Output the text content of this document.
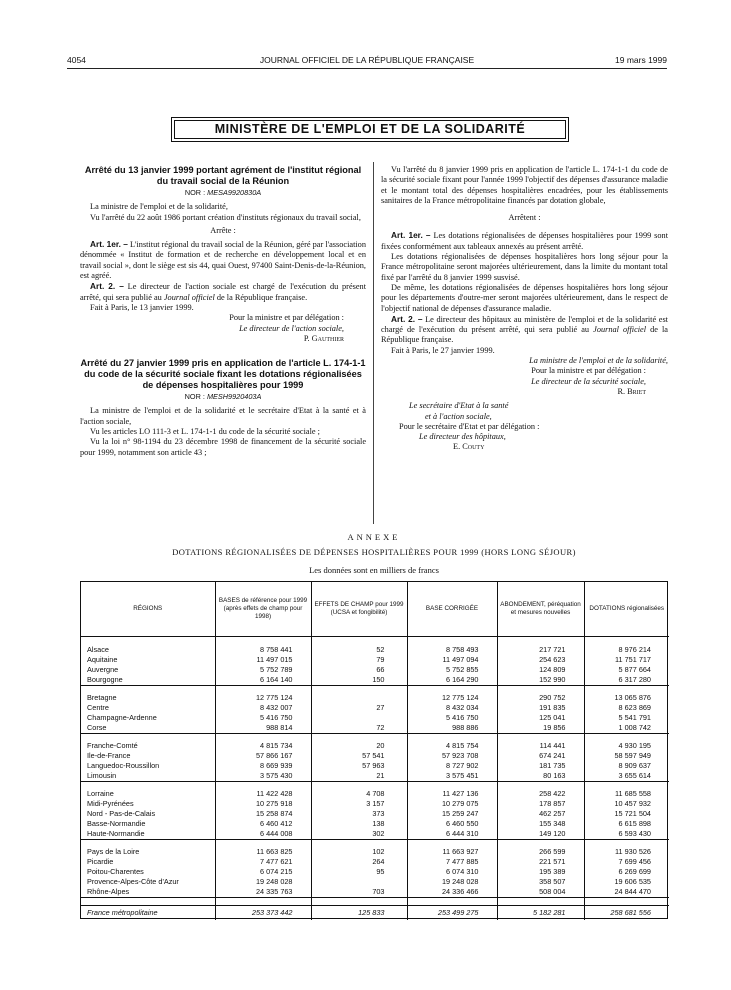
4054	JOURNAL OFFICIEL DE LA RÉPUBLIQUE FRANÇAISE	19 mars 1999
MINISTÈRE DE L'EMPLOI ET DE LA SOLIDARITÉ
Arrêté du 13 janvier 1999 portant agrément de l'institut régional du travail social de la Réunion
NOR : MESA9920830A
La ministre de l'emploi et de la solidarité,
Vu l'arrêté du 22 août 1986 portant création d'instituts régionaux du travail social,
Arrête :
Art. 1er. – L'institut régional du travail social de la Réunion, géré par l'association dénommée « Institut de formation et de recherche en développement local et en travail social », dont le siège est sis 44, quai Ouest, 97400 Saint-Denis-de-la-Réunion, est agréé.
Art. 2. – Le directeur de l'action sociale est chargé de l'exécution du présent arrêté, qui sera publié au Journal officiel de la République française.
Fait à Paris, le 13 janvier 1999.
Pour la ministre et par délégation :
Le directeur de l'action sociale,
P. Gauthier
Arrêté du 27 janvier 1999 pris en application de l'article L. 174-1-1 du code de la sécurité sociale fixant les dotations régionalisées de dépenses hospitalières pour 1999
NOR : MESH9920403A
La ministre de l'emploi et de la solidarité et le secrétaire d'Etat à la santé et à l'action sociale,
Vu les articles LO 111-3 et L. 174-1-1 du code de la sécurité sociale ;
Vu la loi n° 98-1194 du 23 décembre 1998 de financement de la sécurité sociale pour 1999, notamment son article 43 ;
Vu l'arrêté du 8 janvier 1999 pris en application de l'article L. 174-1-1 du code de la sécurité sociale fixant pour l'année 1999 l'objectif des dépenses d'assurance maladie et le montant total des dépenses hospitalières encadrées, pour les établissements sanitaires de la France métropolitaine financés par dotation globale,
Arrêtent :
Art. 1er. – Les dotations régionalisées de dépenses hospitalières pour 1999 sont fixées conformément aux tableaux annexés au présent arrêté.
Les dotations régionalisées de dépenses hospitalières hors long séjour pour la France métropolitaine seront majorées ultérieurement, dans la limite du montant total fixé par l'arrêté du 8 janvier 1999 susvisé.
De même, les dotations régionalisées de dépenses hospitalières hors long séjour pour les départements d'outre-mer seront majorées ultérieurement, dans le respect de l'objectif national de dépenses d'assurance maladie.
Art. 2. – Le directeur des hôpitaux au ministère de l'emploi et de la solidarité est chargé de l'exécution du présent arrêté, qui sera publié au Journal officiel de la République française.
Fait à Paris, le 27 janvier 1999.
La ministre de l'emploi et de la solidarité,
Pour la ministre et par délégation :
Le directeur de la sécurité sociale,
R. Briet
Le secrétaire d'Etat à la santé
et à l'action sociale,
Pour le secrétaire d'Etat et par délégation :
Le directeur des hôpitaux,
E. Couty
ANNEXE
DOTATIONS RÉGIONALISÉES DE DÉPENSES HOSPITALIÈRES POUR 1999 (HORS LONG SÉJOUR)
Les données sont en milliers de francs
RÉGIONS	BASES de référence pour 1999 (après effets de champ pour 1998)	EFFETS DE CHAMP pour 1999 (UCSA et fongibilité)	BASE CORRIGÉE	ABONDEMENT, péréquation et mesures nouvelles	DOTATIONS régionalisées

Alsace	8 758 441	52	8 758 493	217 721	8 976 214
Aquitaine	11 497 015	79	11 497 094	254 623	11 751 717
Auvergne	5 752 789	66	5 752 855	124 809	5 877 664
Bourgogne	6 164 140	150	6 164 290	152 990	6 317 280

Bretagne	12 775 124		12 775 124	290 752	13 065 876
Centre	8 432 007	27	8 432 034	191 835	8 623 869
Champagne-Ardenne	5 416 750		5 416 750	125 041	5 541 791
Corse	988 814	72	988 886	19 856	1 008 742

Franche-Comté	4 815 734	20	4 815 754	114 441	4 930 195
Ile-de-France	57 866 167	57 541	57 923 708	674 241	58 597 949
Languedoc-Roussillon	8 669 939	57 963	8 727 902	181 735	8 909 637
Limousin	3 575 430	21	3 575 451	80 163	3 655 614

Lorraine	11 422 428	4 708	11 427 136	258 422	11 685 558
Midi-Pyrénées	10 275 918	3 157	10 279 075	178 857	10 457 932
Nord - Pas-de-Calais	15 258 874	373	15 259 247	462 257	15 721 504
Basse-Normandie	6 460 412	138	6 460 550	155 348	6 615 898
Haute-Normandie	6 444 008	302	6 444 310	149 120	6 593 430

Pays de la Loire	11 663 825	102	11 663 927	266 599	11 930 526
Picardie	7 477 621	264	7 477 885	221 571	7 699 456
Poitou-Charentes	6 074 215	95	6 074 310	195 389	6 269 699
Provence-Alpes-Côte d'Azur	19 248 028		19 248 028	358 507	19 606 535
Rhône-Alpes	24 335 763	703	24 336 466	508 004	24 844 470

France métropolitaine	253 373 442	125 833	253 499 275	5 182 281	258 681 556
